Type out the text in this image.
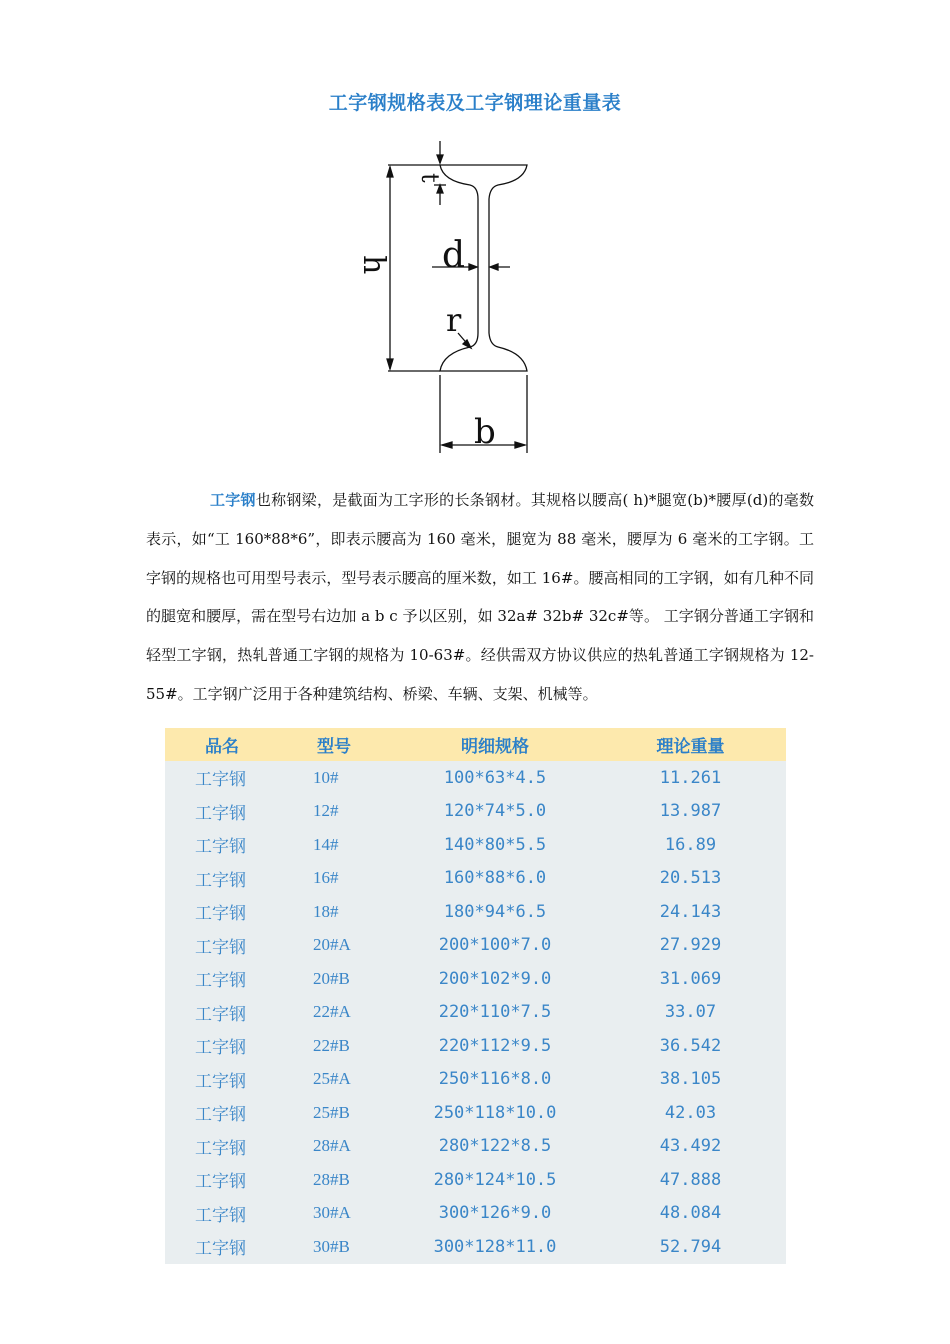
工字钢规格表及工字钢理论重量表
t
h d
r
b
工字钢也称钢梁，是截面为工字形的长条钢材。其规格以腰高( h)*腿宽(b)*腰厚(d)的毫数表示，如“工 160*88*6”，即表示腰高为 160 毫米，腿宽为 88 毫米，腰厚为 6 毫米的工字钢。工字钢的规格也可用型号表示，型号表示腰高的厘米数，如工 16#。腰高相同的工字钢，如有几种不同的腿宽和腰厚，需在型号右边加 a b c 予以区别，如 32a# 32b# 32c#等。 工字钢分普通工字钢和轻型工字钢，热轧普通工字钢的规格为 10-63#。经供需双方协议供应的热轧普通工字钢规格为 12-55#。工字钢广泛用于各种建筑结构、桥梁、车辆、支架、机械等。
品名	型号	明细规格	理论重量
工字钢	10#	100*63*4.5	11.261
工字钢	12#	120*74*5.0	13.987
工字钢	14#	140*80*5.5	16.89
工字钢	16#	160*88*6.0	20.513
工字钢	18#	180*94*6.5	24.143
工字钢	20#A	200*100*7.0	27.929
工字钢	20#B	200*102*9.0	31.069
工字钢	22#A	220*110*7.5	33.07
工字钢	22#B	220*112*9.5	36.542
工字钢	25#A	250*116*8.0	38.105
工字钢	25#B	250*118*10.0	42.03
工字钢	28#A	280*122*8.5	43.492
工字钢	28#B	280*124*10.5	47.888
工字钢	30#A	300*126*9.0	48.084
工字钢	30#B	300*128*11.0	52.794
